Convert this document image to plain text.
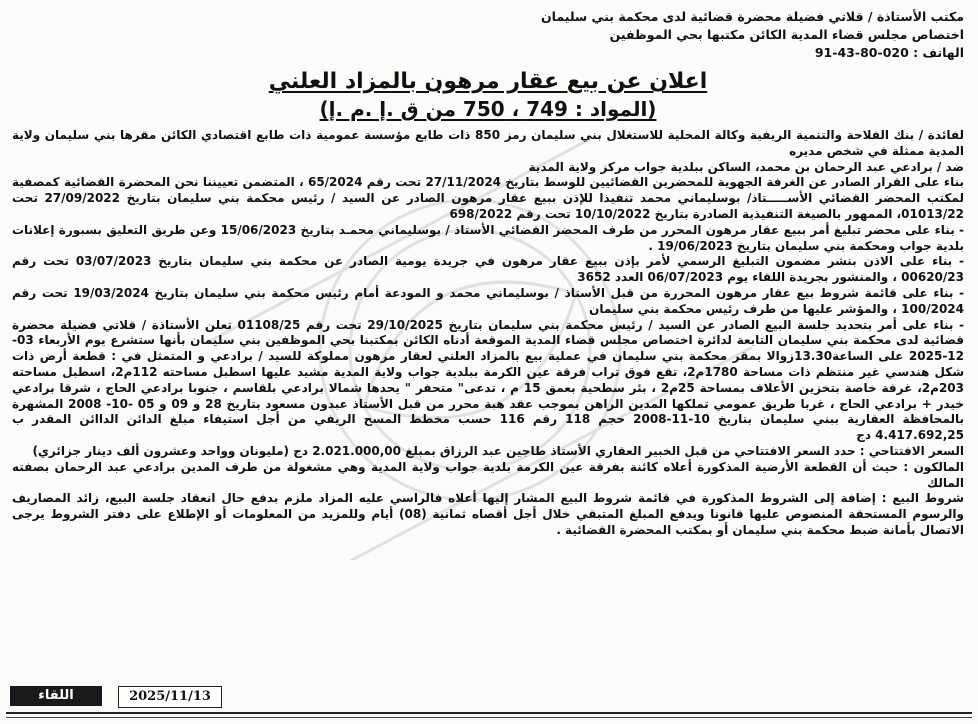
مكتب الأستاذة / قلاتي فضيلة محضرة قضائية لدى محكمة بني سليمان
اختصاص مجلس قضاء المدية الكائن مكتبها بحي الموظفين
الهاتف : 020-80-43-91
اعلان عن بيع عقار مرهون بالمزاد العلني
(المواد : 749 ، 750 من ق .إ .م .إ)

لفائدة / بنك الفلاحة والتنمية الريفية وكالة المحلية للاستغلال بني سليمان رمز 850 ذات طابع مؤسسة عمومية ذات طابع اقتصادي الكائن مقرها بني سليمان ولاية المدية ممثلة في شخص مديره

ضد / برادعي عبد الرحمان بن محمد، الساكن ببلدية جواب مركز ولاية المدية

بناء على القرار الصادر عن الغرفة الجهوية للمحضرين القضائيين للوسط بتاريخ 27/11/2024 تحت رقم 65/2024 ، المتضمن تعييننا نحن المحضرة القضائية كمصفية لمكتب المحضر القضائي الأســـــتاذ/ بوسليماني محمد تنفيذا للإذن ببيع عقار مرهون الصادر عن السيد / رئيس محكمة بني سليمان بتاريخ 27/09/2022 تحت 01013/22، الممهور بالصيغة التنفيذية الصادرة بتاريخ 10/10/2022 تحت رقم 698/2022

- بناء على محضر تبليغ أمر ببيع عقار مرهون المحرر من طرف المحضر القضائي الأستاذ / بوسليماني محمـد بتاريخ 15/06/2023 وعن طريق التعليق بسبورة إعلانات بلدية جواب ومحكمة بني سليمان بتاريخ 19/06/2023 .

- بناء على الاذن بنشر مضمون التبليغ الرسمي لأمر بإذن ببيع عقار مرهون في جريدة يومية الصادر عن محكمة بني سليمان بتاريخ 03/07/2023 تحت رقم 00620/23 ، والمنشور بجريدة اللقاء يوم 06/07/2023 العدد 3652

- بناء على قائمة شروط بيع عقار مرهون المحررة من قبل الأستاذ / بوسليماني محمد و المودعة أمام رئيس محكمة بني سليمان بتاريخ 19/03/2024 تحت رقم 100/2024 ، والمؤشر عليها من طرف رئيس محكمة بني سليمان

- بناء على أمر بتحديد جلسة البيع الصادر عن السيد / رئيس محكمة بني سليمان بتاريخ 29/10/2025 تحت رقم 01108/25 تعلن الأستاذة / قلاتي فضيلة محضرة قضائية لدى محكمة بني سليمان التابعة لدائرة اختصاص مجلس قضاء المدية الموقعة أدناه الكائن بمكتبنا بحي الموظفين بني سليمان بأنها ستشرع يوم الأربعاء 03-12-2025 على الساعة13.30زوالا بمقر محكمة بني سليمان في عملية بيع بالمزاد العلني لعقار مرهون مملوكة للسيد / برادعي و المتمثل في : قطعة أرض ذات شكل هندسي غير منتظم ذات مساحة 1780م2، تقع فوق تراب فرقة عين الكرمة ببلدية جواب ولاية المدية مشيد عليها اسطبل مساحته 112م2، اسطبل مساحته 203م2، غرفة خاصة بتخزين الأعلاف بمساحة 25م2 ، بئر سطحية بعمق 15 م ، تدعى" متحفر " يحدها شمالا برادعي بلقاسم ، جنوبا برادعي الحاج ، شرقا برادعي خيدر + برادعي الحاج ، غربا طريق عمومي تملكها المدين الراهن بموجب عقد هبة محرر من قبل الأستاذ عبدون مسعود بتاريخ 28 و 09 و 05 -10- 2008 المشهرة بالمحافظة العقارية ببني سليمان بتاريخ 10-11-2008 حجم 118 رقم 116 حسب مخطط المسح الريفي من أجل استيفاء مبلغ الدائن الداائن المقدر ب 4.417.692,25 دج

السعر الافتتاحي : حدد السعر الافتتاحي من قبل الخبير العقاري الأستاذ طاجين عبد الرزاق بمبلغ 2.021.000,00 دج (مليونان وواحد وعشرون ألف دينار جزائري)

المالكون : حيث أن القطعة الأرضية المذكورة أعلاه كائنة بفرقة عين الكرمة بلدية جواب ولاية المدية وهي مشغولة من طرف المدين برادعي عبد الرحمان بصفته المالك

شروط البيع : إضافة إلى الشروط المذكورة في قائمة شروط البيع المشار إليها أعلاه فالراسي عليه المزاد ملزم بدفع حال انعقاد جلسة البيع، زائد المصاريف والرسوم المستحقة المنصوص عليها قانونا ويدفع المبلغ المتبقي خلال أجل أقصاه ثمانية (08) أيام وللمزيد من المعلومات أو الإطلاع على دفتر الشروط يرجى الاتصال بأمانة ضبط محكمة بني سليمان أو بمكتب المحضرة القضائية .

اللقاء	2025/11/13
